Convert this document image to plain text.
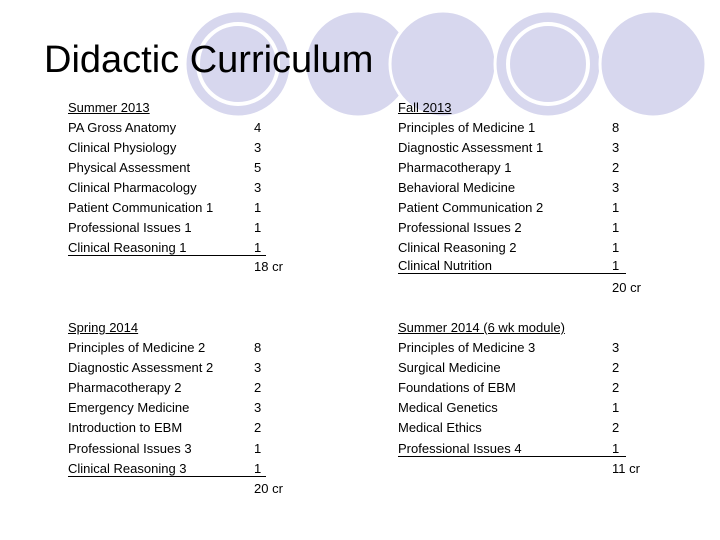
Didactic Curriculum
Summer 2013
PA Gross Anatomy	4
Clinical Physiology	3
Physical Assessment	5
Clinical Pharmacology	3
Patient Communication 1	1
Professional Issues 1	1
Clinical Reasoning 1	1
18 cr
Fall 2013
Principles of Medicine 1	8
Diagnostic Assessment 1	3
Pharmacotherapy 1	2
Behavioral Medicine	3
Patient Communication 2	1
Professional Issues 2	1
Clinical Reasoning 2	1
Clinical Nutrition	1
20 cr
Spring 2014
Principles of Medicine 2	8
Diagnostic Assessment 2	3
Pharmacotherapy 2	2
Emergency Medicine	3
Introduction to EBM	2
Professional Issues 3	1
Clinical Reasoning 3	1
20 cr
Summer 2014 (6 wk module)
Principles of Medicine 3	3
Surgical Medicine	2
Foundations of EBM	2
Medical Genetics	1
Medical Ethics	2
Professional Issues 4	1
11 cr
